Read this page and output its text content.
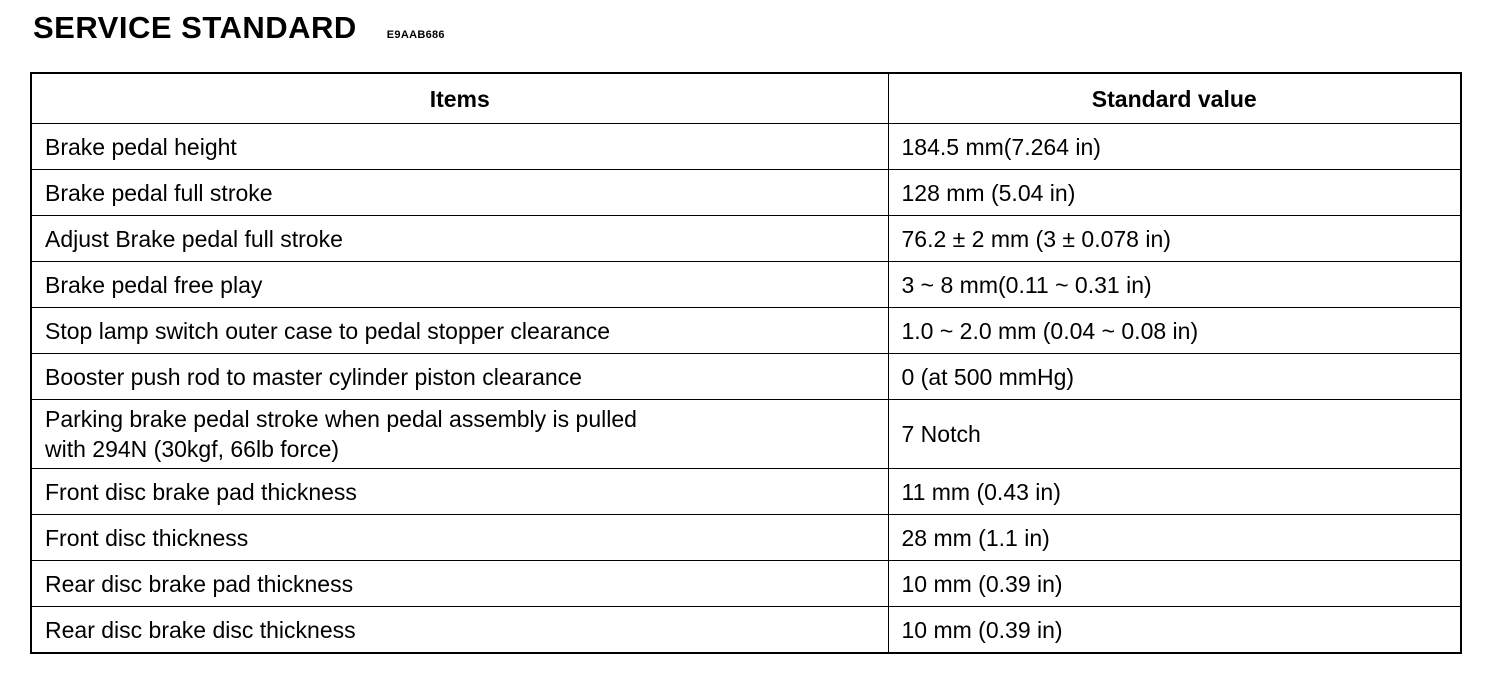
SERVICE STANDARD	E9AAB686
Items	Standard value
Brake pedal height	184.5 mm(7.264 in)
Brake pedal full stroke	128 mm (5.04 in)
Adjust Brake pedal full stroke	76.2 ± 2 mm (3 ± 0.078 in)
Brake pedal free play	3 ~ 8 mm(0.11 ~ 0.31 in)
Stop lamp switch outer case to pedal stopper clearance	1.0 ~ 2.0 mm (0.04 ~ 0.08 in)
Booster push rod to master cylinder piston clearance	0 (at 500 mmHg)

Parking brake pedal stroke when pedal assembly is pulled
with 294N (30kgf, 66lb force)	7 Notch
Front disc brake pad thickness	11 mm (0.43 in)
Front disc thickness	28 mm (1.1 in)
Rear disc brake pad thickness	10 mm (0.39 in)
Rear disc brake disc thickness	10 mm (0.39 in)
